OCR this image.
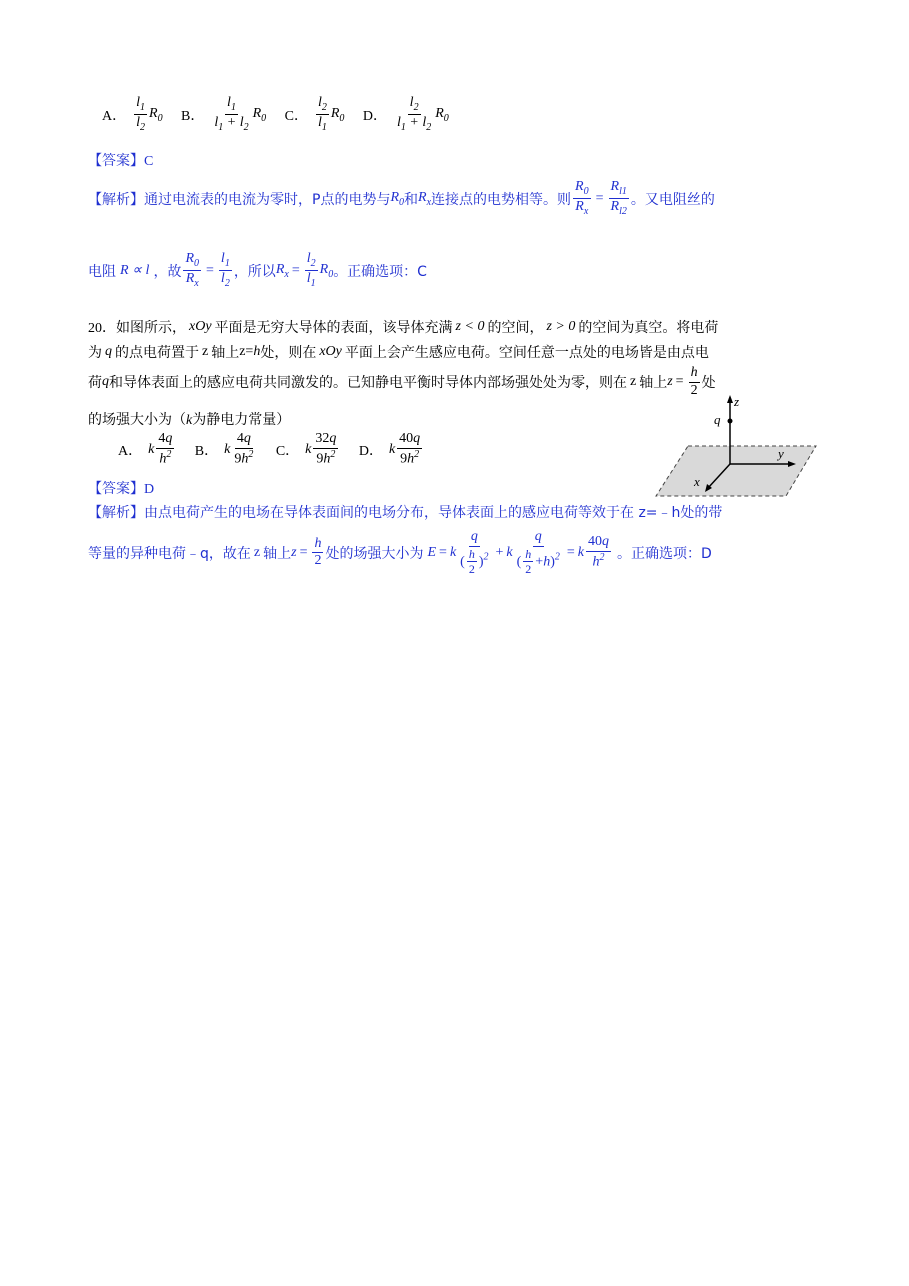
A． $\frac{l_1}{l_2} R_0$
B． $\frac{l_1}{l_1 + l_2} R_0$
C． $\frac{l_2}{l_1} R_0$
D． $\frac{l_2}{l_1 + l_2} R_0$
【答案】C
【解析】 通过电流表的电流为零时，P点的电势与 $R_0$ 和 $R_x$ 连接点的电势相等。则 $\frac{R_0}{R_x} = \frac{R_{l1}}{R_{l2}}$ 。又电阻丝的
电阻 R ∝ l ，故 $\frac{R_0}{R_x} = \frac{l_1}{l_2}$ ，所以 $R_x = \frac{l_2}{l_1} R_0$ 。正确选项：C
20． 如图所示， xOy 平面是无穷大导体的表面，该导体充满 z < 0 的空间， z > 0 的空间为真空。将电荷
为 q 的点电荷置于 z 轴上 z=h 处，则在 xOy 平面上会产生感应电荷。空间任意一点处的电场皆是由点电
荷 q 和导体表面上的感应电荷共同激发的。已知静电平衡时导体内部场强处处为零，则在 z 轴上 $z = \frac{h}{2}$ 处
的场强大小为（k为静电力常量）
A． k $\frac{4q}{h^2}$
B． k $\frac{4q}{9h^2}$
C． k $\frac{32q}{9h^2}$
D． k $\frac{40q}{9h^2}$
z
y
x
q
【答案】D
【解析】由点电荷产生的电场在导体表面间的电场分布，导体表面上的感应电荷等效于在 z=﹣h处的带
等量的异种电荷﹣q，故在 z 轴上 $z = \frac{h}{2}$ 处的场强大小为 E = k $\frac{q}{( \frac{h}{2} )^2} + k \frac{q}{( \frac{h}{2} +h)^2} = k \frac{40q}{h^2}$ 。正确选项：D
